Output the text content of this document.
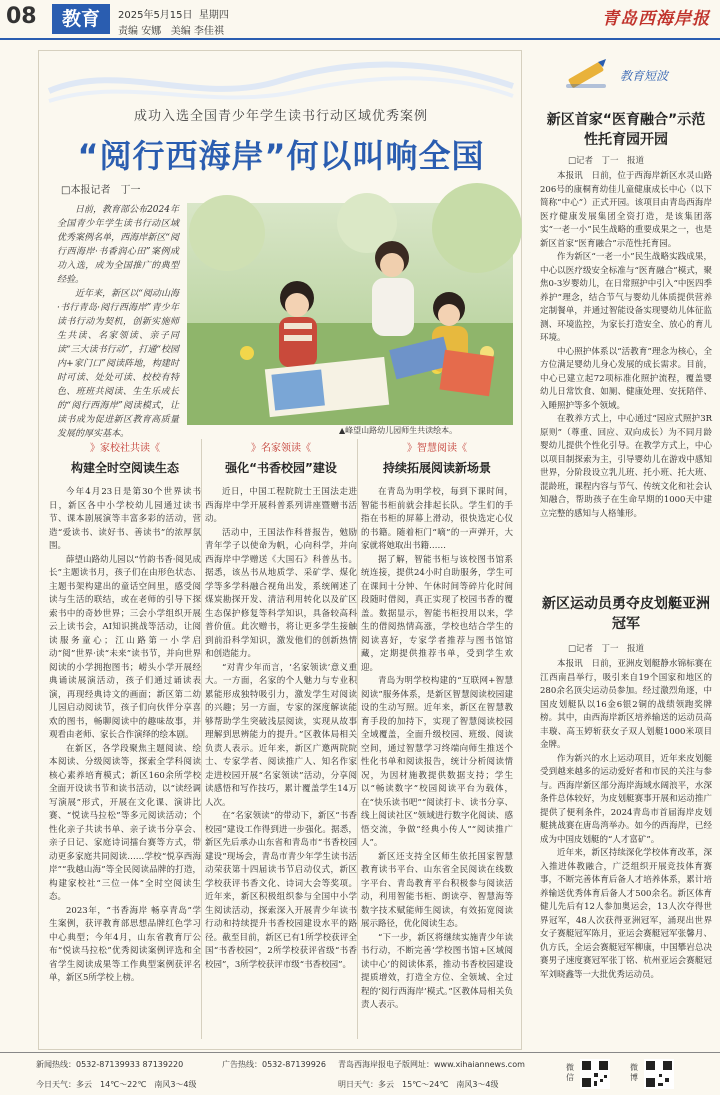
08	教育	2025年5月15日 星期四
责编 安娜 美编 李佳祺
青岛西海岸报
成功入选全国青少年学生读书行动区域优秀案例
“阅行西海岸”何以叫响全国
□本报记者　丁一

日前，教育部公布2024年全国青少年学生读书行动区域优秀案例名单，西海岸新区“阅行西海岸·书香润心田”案例成功入选，成为全国推广的典型经验。

近年来，新区以“阅动山海·书行青岛·阅行西海岸”青少年读书行动为契机，创新实施师生共读、名家领读、亲子同读“三大读书行动”，打通“校园内+家门口”阅读阵地，构建时时可读、处处可读、校校有特色、班班共阅读、生生乐成长的“阅行西海岸”阅读模式，让读书成为促进新区教育高质量发展的厚实基本。	▲峰望山路幼儿园师生共读绘本。
》家校社共读《
构建全时空阅读生态

今年4月23日是第30个世界读书日，新区各中小学校幼儿园通过读书节、课本剧展演等丰富多彩的活动，营造“爱读书、读好书、善读书”的浓厚氛围。

薛望山路幼儿园以“竹韵书香·阅见成长”主题读书月，孩子们在由形色状态、主题书架构建出的童话空间里，感受阅读与生活的联结，或在老师的引导下探索书中的奇妙世界；三会小学组织开展云上读书会，AI知识挑战等活动，让阅读服务童心；江山路第一小学启动“阅”世界·读“未来”读书节，并向世界阅读的小学拥抱图书；崂头小学开展经典诵读展演活动，孩子们通过诵读表演，再现经典诗文的画面；新区第二幼儿园启动阅读节，孩子们向伙伴分享喜欢的图书，畅聊阅读中的趣味故事，并观看由老师、家长合作演绎的绘本剧。

在新区，各学段聚焦主题阅读、绘本阅读、分级阅读等，探索全学科阅读核心素养培育模式；新区160余所学校全面开设读书节和读书活动，以“读经调写演展”形式，开展在文化课、演讲比赛、“悦读马拉松”等多元阅读活动；个性化亲子共读书单、亲子读书分享会、亲子日记、家庭诗词擂台赛等方式，带动更多家庭共同阅读……学校“悦享西海岸”“我越山海”等全民阅读品牌的打造，构建家校社“三位一体”全时空阅读生态。

2023年，“书香海岸 畅享青岛”学生案例，获评教育部思想品牌红色学习中心典型；今年4月，山东省教育厅公布“悦读马拉松”优秀阅读案例评选和全省学生阅读成果等工作典型案例获评名单，新区5所学校上榜。

》名家领读《
强化“书香校园”建设

近日，中国工程院院士王国法走进西海岸中学开展科普系列讲座暨赠书活动。

活动中，王国法作科普报告，勉励青年学子以使命为帆，心向科学，并向西海岸中学赠送《大国石》科普丛书。据悉，该丛书从地质学、采矿学、煤化学等多学科融合视角出发，系统阐述了煤炭勘探开发、清洁利用转化以及矿区生态保护修复等科学知识，具备较高科普价值。此次赠书，将让更多学生接触到前沿科学知识，激发他们的创新热情和创造能力。

“对青少年而言，‘名家领读’意义重大。一方面，名家的个人魅力与专业积累能形成独特吸引力，激发学生对阅读的兴趣；另一方面，专家的深度解读能够帮助学生突破浅层阅读，实现从故事理解到思辨能力的提升。”区教体局相关负责人表示。近年来，新区广邀两院院士、专家学者、阅读推广人、知名作家走进校园开展“名家领读”活动，分享阅读感悟和写作技巧，累计覆盖学生14万人次。

在“名家领读”的带动下，新区“书香校园”建设工作得到进一步强化。据悉，新区先后承办山东省和青岛市“书香校园建设”现场会，青岛市青少年学生读书活动荣获第十四届读书节启动仪式，新区学校获评书香文化、诗词大会等奖项。近年来，新区积极组织参与全国中小学生阅读活动，探索深入开展青少年读书行动和持续提升书香校园建设水平的路径。截至目前，新区已有1所学校获评全国“书香校园”，2所学校获评省级“书香校园”，3所学校获评市级“书香校园”。

》智慧阅读《
持续拓展阅读新场景

在青岛为明学校，每到下课时间，智能书柜前就会排起长队。学生们的手指在书柜的屏幕上滑动，很快选定心仪的书籍。随着柜门“嘀”的一声弹开，大家就将她取出书籍……

据了解，智能书柜与该校图书馆系统连接，提供24小时自助服务，学生可在课间十分钟、午休时间等碎片化时间段随时借阅，真正实现了校园书香的覆盖。数据显示，智能书柜投用以来，学生的借阅热情高涨，学校也结合学生的阅读喜好，专家学者推荐与图书馆馆藏，定期提供推荐书单，受到学生欢迎。

青岛为明学校构建的“互联网+智慧阅读”服务体系，是新区智慧阅读校园建设的生动写照。近年来，新区在智慧教育手段的加持下，实现了智慧阅读校园全域覆盖，全面升级校园、班级、阅读空间，通过智慧学习终端向师生推送个性化书单和阅读报告，统计分析阅读情况，为因材施教提供数据支持；学生以“畅读数字”校园阅读平台为载体，在“快乐读书吧”“阅读打卡、读书分享、线上阅读社区”领域进行数字化阅读、感悟交流，争做“经典小传人”“阅读推广人”。

新区还支持全区师生依托国家智慧教育读书平台、山东省全民阅读在线数字平台、青岛教育平台积极参与阅读活动，利用智能书柜、朗读亭、智慧海等数字技术赋能师生阅读，有效拓宽阅读展示路径，优化阅读生态。

“下一步，新区将继续实施青少年读书行动，不断完善‘学校图书馆+区域阅读中心’的阅读体系，推动书香校园建设提质增效，打造全方位、全领域、全过程的‘阅行西海岸’模式。”区教体局相关负责人表示。

教育短波
新区首家“医育融合”示范性托育园开园
□记者　丁一　报道

本报讯　日前，位于西海岸新区水灵山路206号的康桐育幼佳儿童健康成长中心（以下简称“中心”）正式开园。该项目由青岛西海岸医疗健康发展集团全资打造，是该集团落实“一老一小”民生战略的重要成果之一，也是新区首家“医育融合”示范性托育园。

作为新区“一老一小”民生战略实践成果，中心以医疗级安全标准与“医育融合”模式，聚焦0-3岁婴幼儿，在日常照护中引入“中医四季养护”理念，结合节气与婴幼儿体质提供营养定制餐单，并通过智能设备实现婴幼儿体征监测、环境监控，为家长打造安全、放心的育儿环境。

中心照护体系以“活教育”理念为核心，全方位满足婴幼儿身心发展的成长需求。目前，中心已建立起72项标准化照护流程，覆盖婴幼儿日常饮食、如厕、健康处理、安抚陪伴、入睡照护等多个领域。

在教养方式上，中心通过“园应式照护3R原则”（尊重、回应、双向成长）为不同月龄婴幼儿提供个性化引导。在教学方式上，中心以项目制探索为主，引导婴幼儿在游戏中感知世界，分阶段设立乳儿班、托小班、托大班、混龄班，课程内容与节气、传统文化和社会认知融合，帮助孩子在生命早期的1000天中建立完整的感知与人格雏形。

新区运动员勇夺皮划艇亚洲冠军
□记者　丁一　报道

本报讯　日前，亚洲皮划艇静水锦标赛在江西南昌举行，吸引来自19个国家和地区的280余名顶尖运动员参加。经过激烈角逐，中国皮划艇队以16金6银2铜的战绩领跑奖牌榜。其中，由西海岸新区培养输送的运动员高丰璇、高玉婷斩获女子双人划艇1000米项目金牌。

作为新兴的水上运动项目，近年来皮划艇受到越来越多的运动爱好者和市民的关注与参与。西海岸新区部分海岸海域水阔浪平，水深条件总体较好，为皮划艇赛事开展和运动推广提供了便利条件，2024青岛市首届海岸皮划艇挑战赛在唐岛湾举办。如今的西海岸，已经成为中国皮划艇的“人才富矿”。

近年来，新区持续深化学校体育改革，深入推进体教融合，广泛组织开展竞技体育赛事，不断完善体育后备人才培养体系，累计培养输送优秀体育后备人才500余名。新区体育健儿先后有12人参加奥运会，13人次夺得世界冠军，48人次获得亚洲冠军，涌现出世界女子赛艇冠军陈月，亚运会赛艇冠军张馨月、仇方氏，全运会赛艇冠军柳康，中国攀岩总决赛男子速度赛冠军张丁铭、杭州亚运会赛艇冠军刘晓鑫等一大批优秀运动员。

新闻热线：0532-87139933 87139220	广告热线：0532-87139926 青岛西海岸报电子版网址：www.xihaiannews.com
今日天气：多云　14℃～22℃　南风3～4级	明日天气：多云　15℃～24℃　南风3～4级
微信
微博
